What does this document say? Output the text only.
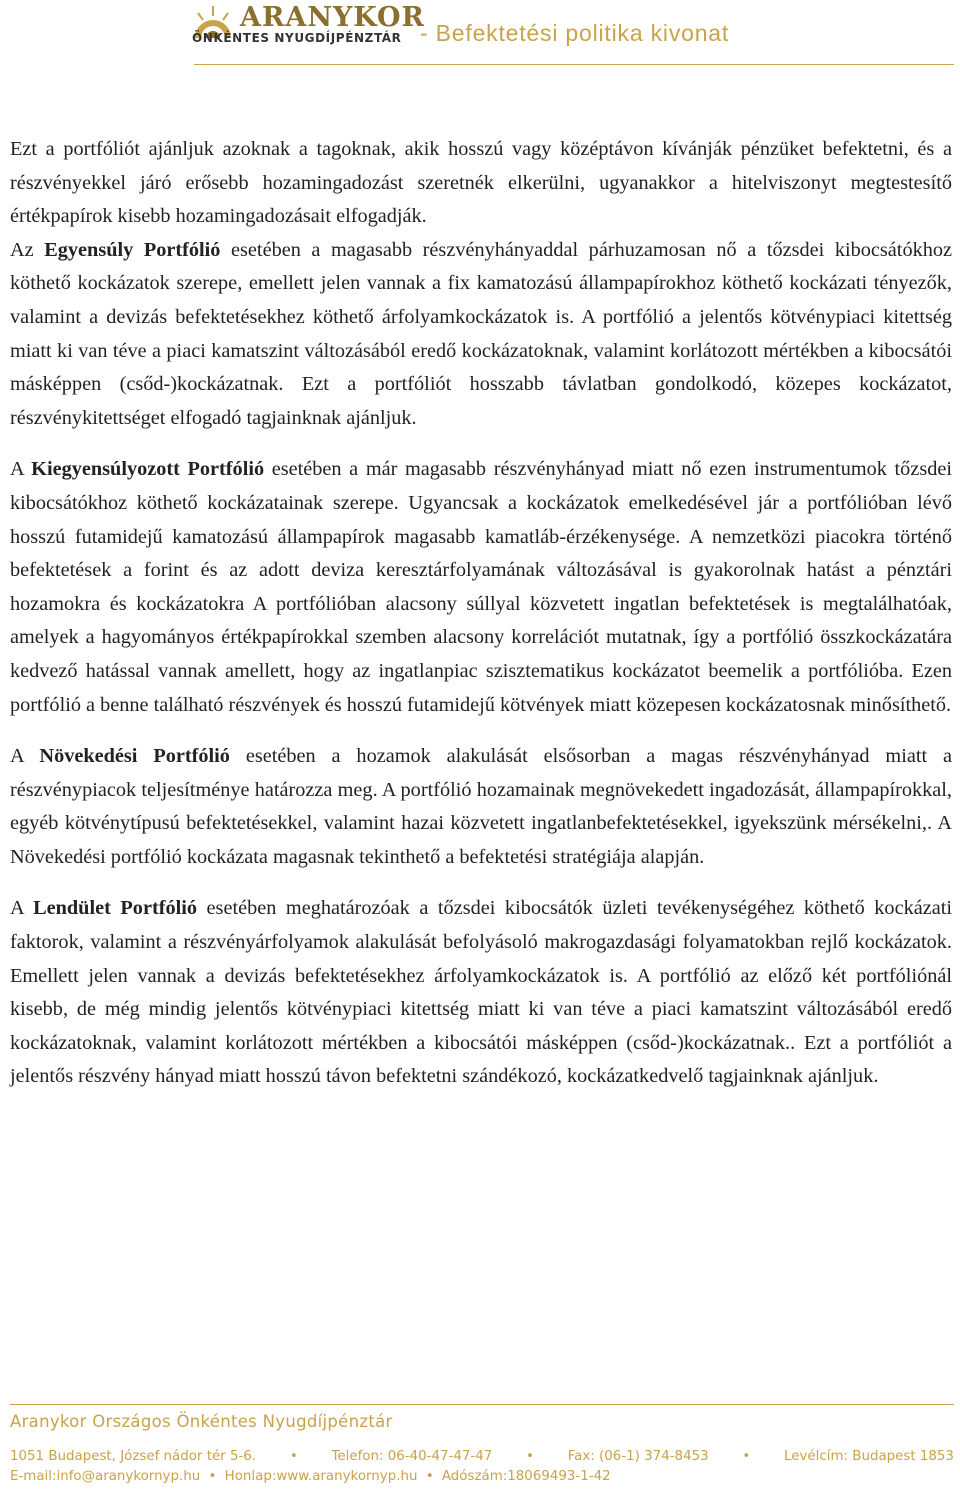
ARANYKOR
ÖNKÉNTES NYUGDÍJPÉNZTÁR - Befektetési politika kivonat

Ezt a portfóliót ajánljuk azoknak a tagoknak, akik hosszú vagy középtávon kívánják pénzüket befektetni, és a részvényekkel járó erősebb hozamingadozást szeretnék elkerülni, ugyanakkor a hitelviszonyt megtestesítő értékpapírok kisebb hozamingadozásait elfogadják.

Az Egyensúly Portfólió esetében a magasabb részvényhányaddal párhuzamosan nő a tőzsdei kibocsátókhoz köthető kockázatok szerepe, emellett jelen vannak a fix kamatozású állampapírokhoz köthető kockázati tényezők, valamint a devizás befektetésekhez köthető árfolyamkockázatok is. A portfólió a jelentős kötvénypiaci kitettség miatt ki van téve a piaci kamatszint változásából eredő kockázatoknak, valamint korlátozott mértékben a kibocsátói másképpen (csőd-)kockázatnak. Ezt a portfóliót hosszabb távlatban gondolkodó, közepes kockázatot, részvénykitettséget elfogadó tagjainknak ajánljuk.

A Kiegyensúlyozott Portfólió esetében a már magasabb részvényhányad miatt nő ezen instrumentumok tőzsdei kibocsátókhoz köthető kockázatainak szerepe. Ugyancsak a kockázatok emelkedésével jár a portfólióban lévő hosszú futamidejű kamatozású állampapírok magasabb kamatláb-érzékenysége. A nemzetközi piacokra történő befektetések a forint és az adott deviza keresztárfolyamának változásával is gyakorolnak hatást a pénztári hozamokra és kockázatokra A portfólióban alacsony súllyal közvetett ingatlan befektetések is megtalálhatóak, amelyek a hagyományos értékpapírokkal szemben alacsony korrelációt mutatnak, így a portfólió összkockázatára kedvező hatással vannak amellett, hogy az ingatlanpiac szisztematikus kockázatot beemelik a portfólióba. Ezen portfólió a benne található részvények és hosszú futamidejű kötvények miatt közepesen kockázatosnak minősíthető.

A Növekedési Portfólió esetében a hozamok alakulását elsősorban a magas részvényhányad miatt a részvénypiacok teljesítménye határozza meg. A portfólió hozamainak megnövekedett ingadozását, állampapírokkal, egyéb kötvénytípusú befektetésekkel, valamint hazai közvetett ingatlanbefektetésekkel, igyekszünk mérsékelni,. A Növekedési portfólió kockázata magasnak tekinthető a befektetési stratégiája alapján.

A Lendület Portfólió esetében meghatározóak a tőzsdei kibocsátók üzleti tevékenységéhez köthető kockázati faktorok, valamint a részvényárfolyamok alakulását befolyásoló makrogazdasági folyamatokban rejlő kockázatok. Emellett jelen vannak a devizás befektetésekhez árfolyamkockázatok is. A portfólió az előző két portfóliónál kisebb, de még mindig jelentős kötvénypiaci kitettség miatt ki van téve a piaci kamatszint változásából eredő kockázatoknak, valamint korlátozott mértékben a kibocsátói másképpen (csőd-)kockázatnak.. Ezt a portfóliót a jelentős részvény hányad miatt hosszú távon befektetni szándékozó, kockázatkedvelő tagjainknak ajánljuk.

Aranykor Országos Önkéntes Nyugdíjpénztár
1051 Budapest, József nádor tér 5-6.	•	Telefon: 06-40-47-47-47	•	Fax: (06-1) 374-8453	•	Levélcím: Budapest 1853
E-mail:info@aranykornyp.hu • Honlap:www.aranykornyp.hu • Adószám:18069493-1-42
